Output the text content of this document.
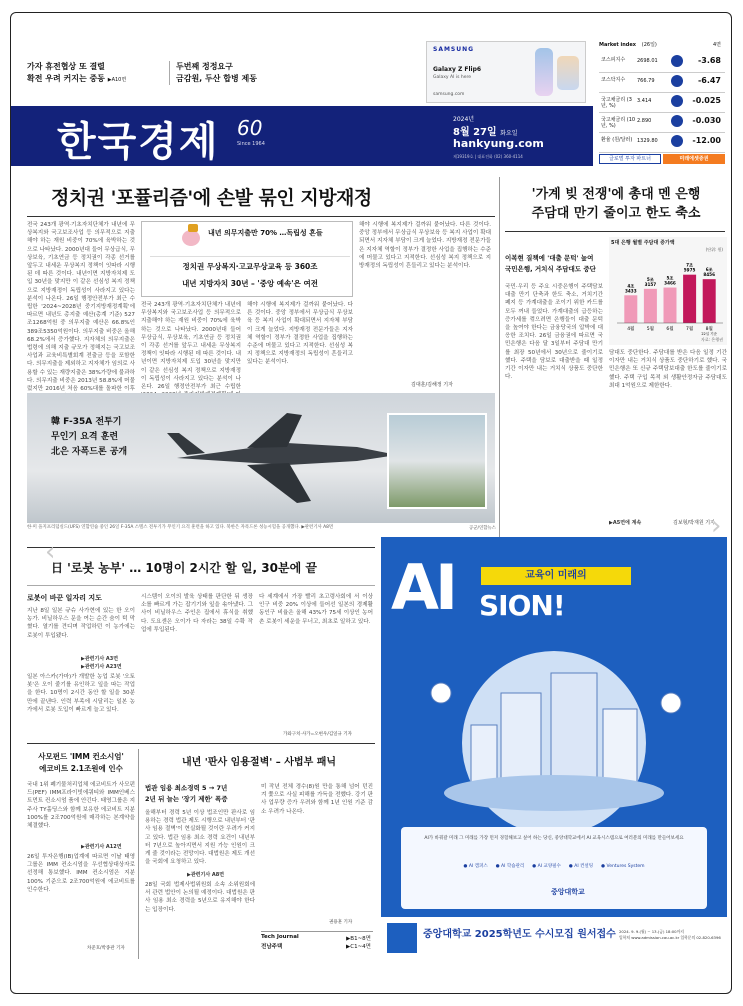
가자 휴전협상 또 결렬
확전 우려 커지는 중동 ▶A10면
두번째 정정요구
금감원, 두산 합병 제동
SAMSUNG
Galaxy Z Flip6
Galaxy AI is here
samsung.com
한국경제 60
Since 1964
2024년
8월 27일 화요일
hankyung.com
제19319호 | 대표전화 (02) 360-4114
Market index (26일)	4면
글로벌 투자 파트너	미래에셋증권
정치권 '포퓰리즘'에 손발 묶인 지방재정
전국 243개 광역·기초자치단체가 내년에 무상복지와 국고보조사업 등 의무적으로 지출해야 하는 재원 비중이 70%에 육박하는 것으로 나타났다. 2000년대 들어 무상급식, 무상보육, 기초연금 등 정치권이 각종 선거를 앞두고 내세운 무상복지 정책이 잇따라 시행된 데 따른 것이다. 내년이면 지방자치제 도입 30년을 맞지만 이 같은 선심성 복지 정책으로 지방재정이 독립성이 사라지고 있다는 분석이 나온다. 26일 행정안전부가 최근 수립한 '2024~2028년 중기지방재정계획'에 따르면 내년도 총지출 예산(총계 기준) 527조1268억원 중 의무지출 예산은 66.8%인 389조5350억원이다. 의무지출 비중은 올해 68.2%에서 증가했다. 지자체의 의무지출은 법령에 의해 지출 규모가 정해지는 국고보조사업과 교육비특별회계 전출금 등을 포함한다. 의무지출을 제외하고 지자체가 임의로 사용할 수 있는 재량지출은 38%가량에 불과하다. 의무지출 비중은 2013년 58.8%에 머물렀지만 2016년 처음 60%대를 돌파한 이후
내년 의무지출만 70% …독립성 흔들
정치권 무상복지·고교무상교육 등 360조
내년 지방자치 30년 – '중앙 예속'은 여전
전국 243개 광역·기초자치단체가 내년에 무상복지와 국고보조사업 등 의무적으로 지출해야 하는 재원 비중이 70%에 육박하는 것으로 나타났다. 2000년대 들어 무상급식, 무상보육, 기초연금 등 정치권이 각종 선거를 앞두고 내세운 무상복지 정책이 잇따라 시행된 데 따른 것이다. 내년이면 지방자치제 도입 30년을 맞지만 이 같은 선심성 복지 정책으로 지방재정이 독립성이 사라지고 있다는 분석이 나온다. 26일 행정안전부가 최근 수립한
해야 시행에 복지제가 걸까워 붙어났다. 다른 것이다. 중앙 정부에서 무상급식 무상보육 등 복지 사업이 확대되면서 지자체 부담이 크게 늘었다. 지방재정 전문가들은 지자체 역할이 정부가 결정한 사업을 집행하는 수준에 머물고 있다고 지적한다. 선심성 복지 정책으로 지방재정의 독립성이 흔들리고 있다는 분석이다.
해야 시행에 복지제가 걸까워 붙어났다. 다른 것이다. 중앙 정부에서 무상급식 무상보육 등 복지 사업이 확대되면서 지자체 부담이 크게 늘었다. 지방재정 전문가들은 지자체 역할이 정부가 결정한 사업을 집행하는 수준에 머물고 있다고 지적한다. 선심성 복지 정책으로 지방재정의 독립성이 흔들리고 있다는 분석이다.
김대훈/김해정 기자
'가계 빚 전쟁'에 총대 멘 은행
주담대 만기 줄이고 한도 축소
이복현 질책에 '대출 문턱' 높여
국민은행, 거치식 주담대도 중단
국민·우리 등 주요 시중은행이 주택담보대출 만기 단축과 한도 축소, 거치기간 폐지 등 가계대출을 조이기 위한 카드를 모두 꺼내 들었다. 가계대출의 급등하는 증가세를 꺾으려면 은행들이 대출 문턱을 높여야 한다는 금융당국의 압박에 대응한 조치다. 26일 금융권에 따르면 국민은행은 다음 달 3일부터 주담대 만기를 최장 50년에서 30년으로 줄이기로 했다. 주택을 담보로 대출받을 때 일정 기간 이자만 내는 거치식 상품도 중단한다.
5대 은행 월별 주담대 증가액
(단위: 원)
4조
3433
4월
5조
3157
5월
5조
3466
6월
7조
5975
7월
6조
8456
8월
22일 기준
자료: 은행권
담대도 중단한다. 주담대를 받은 다음 일정 기간 이자만 내는 거치식 상품도 중단하기로 했다. 국민은행은 또 신규 주택담보대출 한도를 줄이기로 했다. 주택 구입 목적 외 생활안정자금 주담대도 최대 1억원으로 제한한다.
▶A5면에 계속	김보형/박재원 기자
韓 F-35A 전투기
무인기 요격 훈련
北은 자폭드론 공개
한·미 을지프리덤실드(UFS) 연합연습 중인 26일 F-35A 스텔스 전투기가 무인기 요격 훈련을 하고 있다. 북한은 자폭드론 성능시험을 공개했다. ▶관련기사 A8면	공군/연합뉴스
日 '로봇 농부' … 10명이 2시간 할 일, 30분에 끝
로봇이 바꾼 일자리 지도
지난 8일 일본 규슈 사가현에 있는 한 오이 농가. 비닐하우스 문을 여는 순간 숨이 턱 막혔다. 열기를 견디며 작업하던 이 농가에는 로봇이 투입됐다.
▶관련기사 A3면
▶관련기사 A23면
일본 아스카(가마)가 개발한 농업 로봇 '오토봇'은 오이 줄기를 유인하고 잎을 따는 작업을 한다. 10명이 2시간 동안 할 일을 30분 만에 끝낸다. 인력 부족에 시달리는 일본 농가에서 로봇 도입이 빠르게 늘고 있다.
시스템이 오이의 발육 상태를 판단한 뒤 생장소를 빠르게 가는 잡기기와 잎을 솎아냈다. 그 사이 비닐하우스 주인은 집에서 휴식을 취했다. 도요센은 오이가 다 자라는 38일 수확 작업에 투입된다.
다 세계에서 가장 빨리 초고령사회에 서 이상 인구 비중 20% 이상에 들어선 일본의 경제활동인구 비율은 올해 43%가 75세 이상인 농어촌 로봇이 세운을 무너고, 최초로 일하고 있다.
가와구치·사가=오현우/김일규 기자
사모펀드 'IMM 컨소시엄'
에코비트 2.1조원에 인수
국내 1위 폐기물처리업체 에코비트가 사모펀드(PEF) IMM프라이빗에쿼티와 IMM인베스트먼트 컨소시엄 품에 안긴다. 태영그룹은 지주사 TY홀딩스와 함께 보유한 에코비트 지분 100%를 2조700억원에 매각하는 본계약을 체결했다.
▶관련기사 A12면
26일 투자은행(IB)업계에 따르면 이날 태영그룹은 IMM 컨소시엄을 우선협상대상자로 선정해 통보했다. IMM 컨소시엄은 지분 100% 기준으로 2조700억원에 에코비트를 인수한다.
차준호/박종관 기자
내년 '판사 임용절벽' – 사법부 패닉
법관 임용 최소경력 5 → 7년
2년 뒤 늘는 '장기 제한' 폭증
올해부터 경력 5년 이상 법조인만 판사로 임용하는 경력 법관 제도 시행으로 내년부터 '판사 임용 절벽'이 현실화될 것이란 우려가 커지고 있다. 법관 임용 최소 경력 요건이 내년부터 7년으로 높아지면서 지원 가능 인원이 크게 줄 것이라는 전망이다. 대법원은 제도 개선을 국회에 요청하고 있다.
▶관련기사 A8면
28일 국회 법제사법위원회 소속 소위원회에서 관련 법안이 논의될 예정이다. 대법원은 판사 임용 최소 경력을 5년으로 유지해야 한다는 입장이다.
미 작년 전체 경수(8)원 만을 통해 넘어 던진 겨 쫓으로 사실 피해를 가득을 전했다. 강기 판사 업무량 증가 우려와 함께 1년 인원 기준 감소 우려가 나온다.
권용훈 기자
Tech Journal	▶B1~8면
전남주택	▶C1~4면
AI	교육이 미래의
SION!
AI가 바꿔갈 미래 그 미래를 가장 먼저 경험해보고 싶어 하는 당신, 중앙대학교에서 AI 교육시스템으로 여러분의 미래를 만들어보세요
● AI 캠퍼스 ● AI 학습관리 ● AI 교양필수 ● AI 컨설팅 ● Ventures System
중앙대학교
중앙대학교 2025학년도 수시모집 원서접수 2024. 9. 9.(월) ~ 13.(금) 18:00까지
입학처 www.admission.cau.ac.kr 입학문의 02-820-6396
‹
›
코스피지수	2698.01	-3.68
코스닥지수	766.79	-6.47
국고채금리 (3년, %)
3.414	-0.025
국고채금리 (10년, %)
2.890	-0.030
환율 (원/달러) 1329.80	-12.00
